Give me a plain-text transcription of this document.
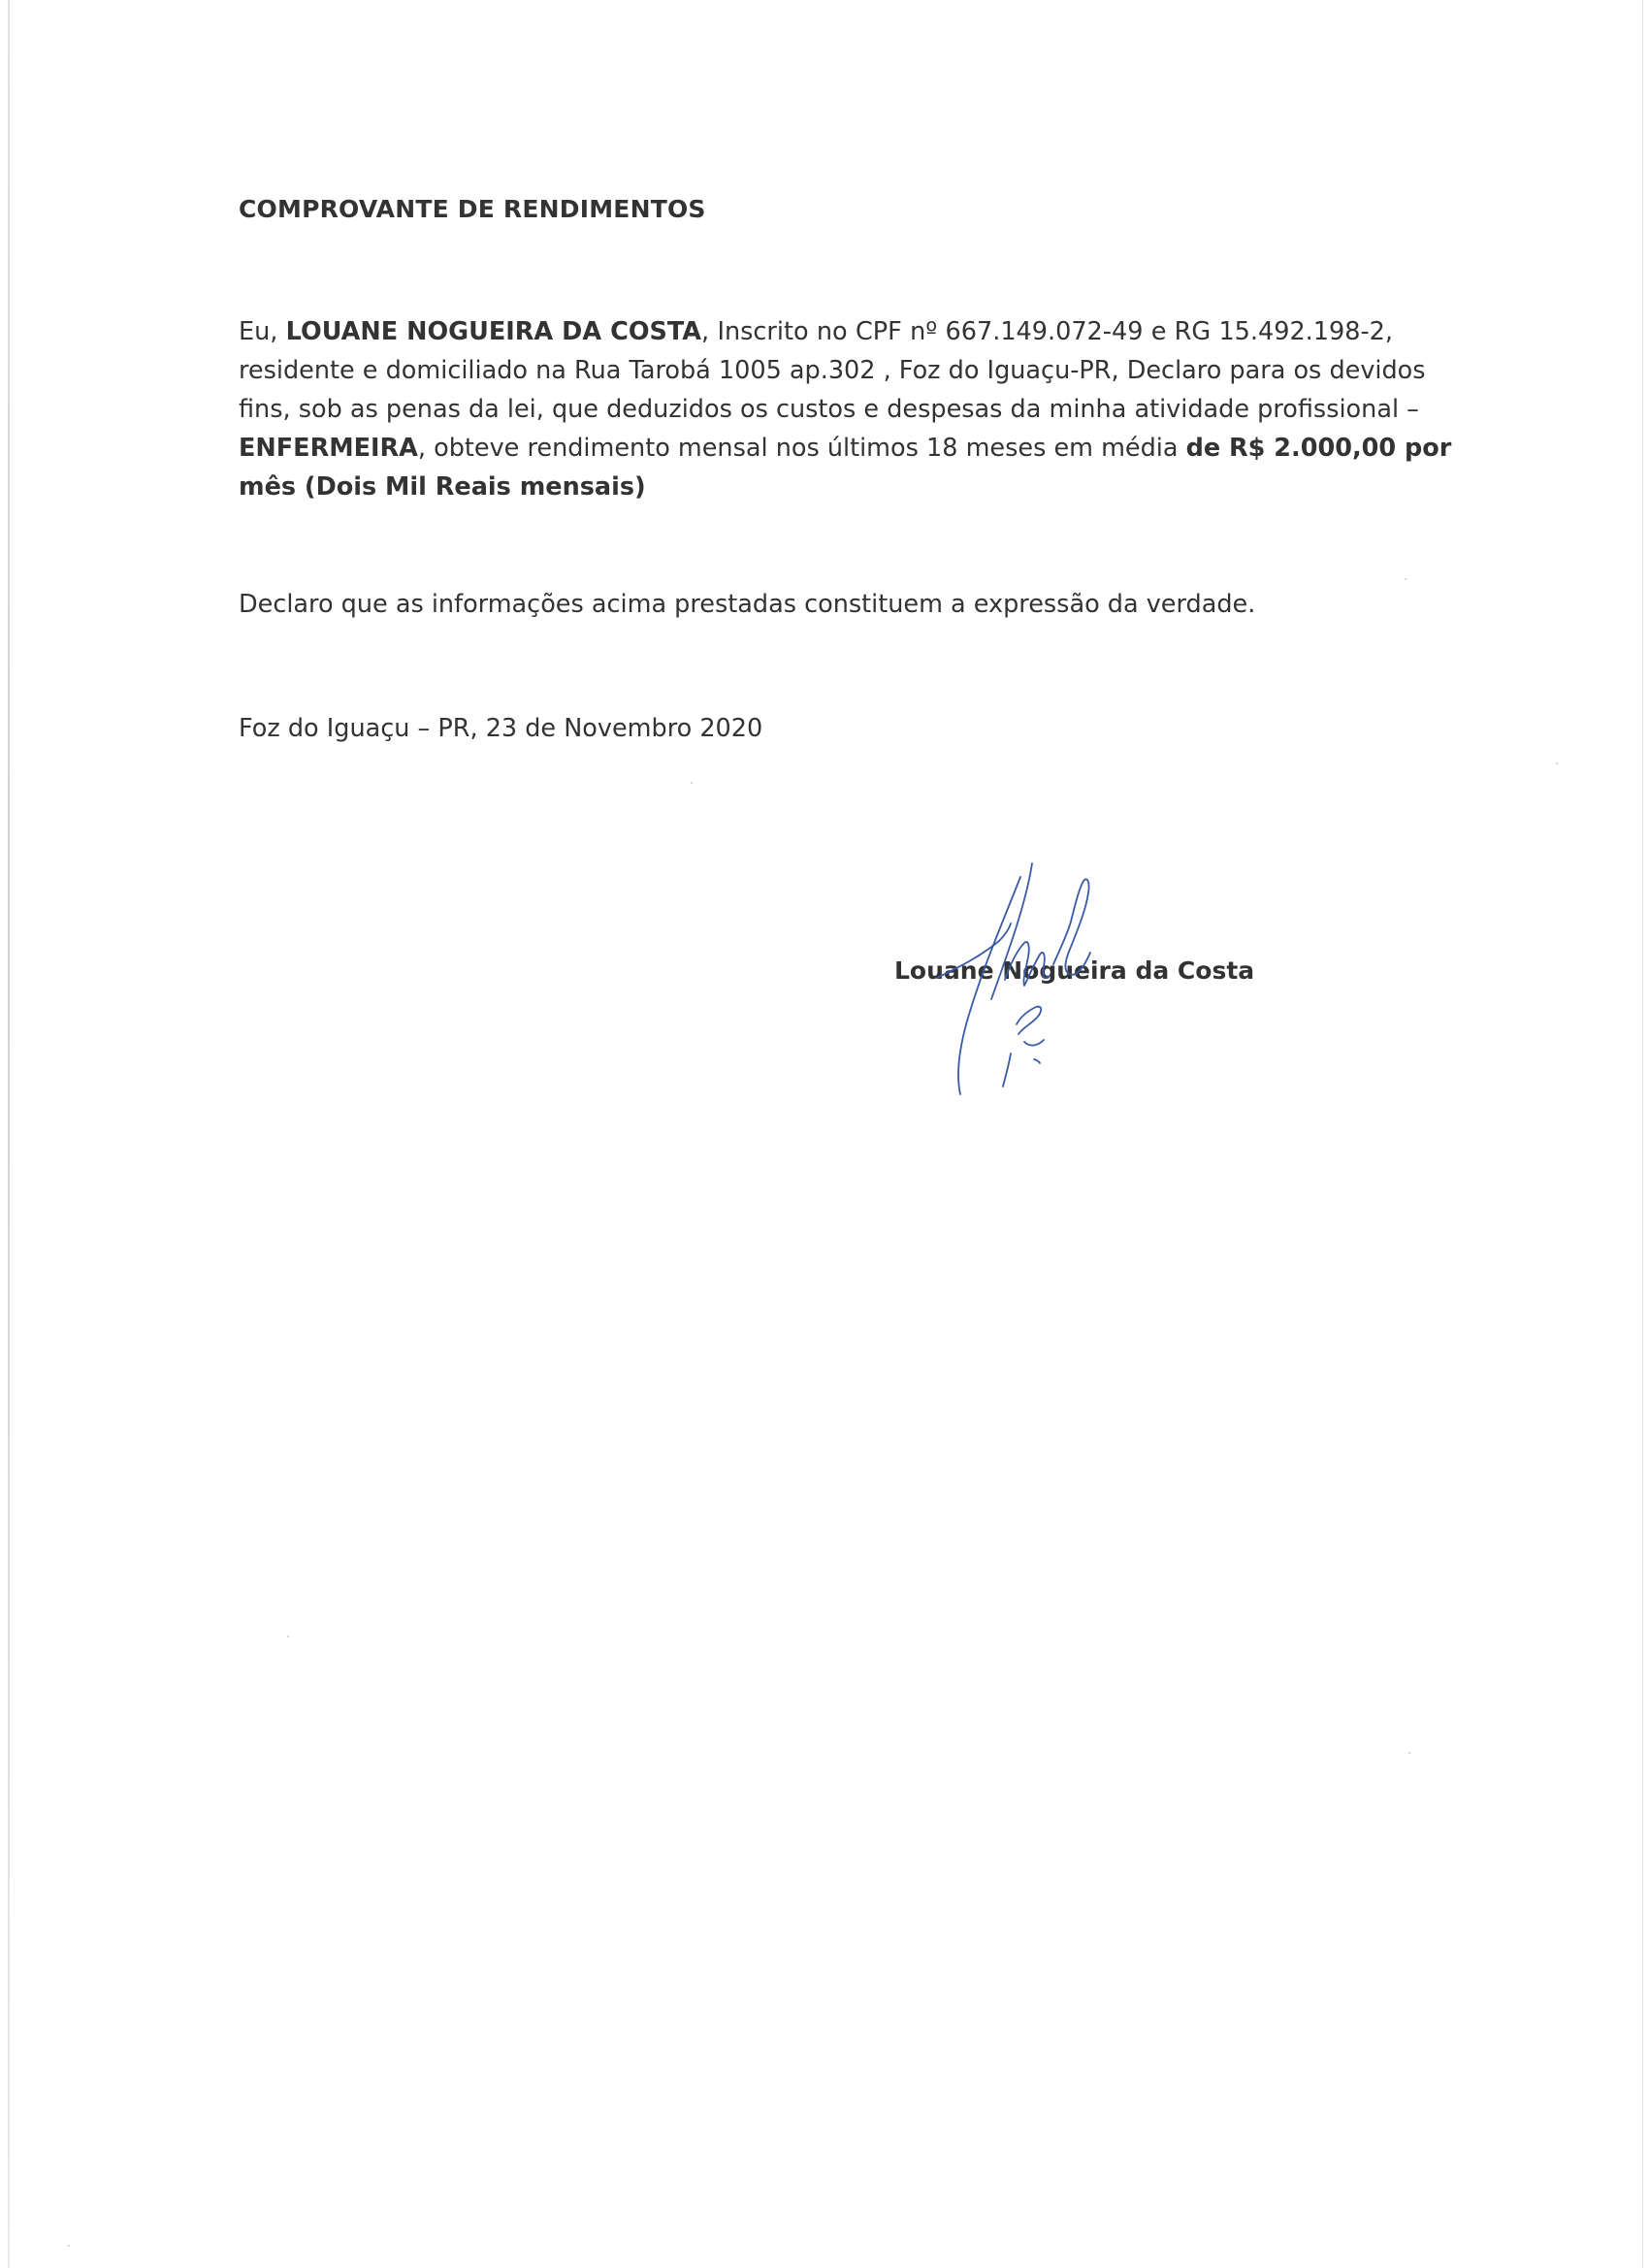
COMPROVANTE DE RENDIMENTOS

Eu, LOUANE NOGUEIRA DA COSTA, Inscrito no CPF nº 667.149.072-49 e RG 15.492.198-2,
residente e domiciliado na Rua Tarobá 1005 ap.302 , Foz do Iguaçu-PR, Declaro para os devidos
fins, sob as penas da lei, que deduzidos os custos e despesas da minha atividade profissional –
ENFERMEIRA, obteve rendimento mensal nos últimos 18 meses em média de R$ 2.000,00 por
mês (Dois Mil Reais mensais)

Declaro que as informações acima prestadas constituem a expressão da verdade.

Foz do Iguaçu – PR, 23 de Novembro 2020

Louane Nogueira da Costa
